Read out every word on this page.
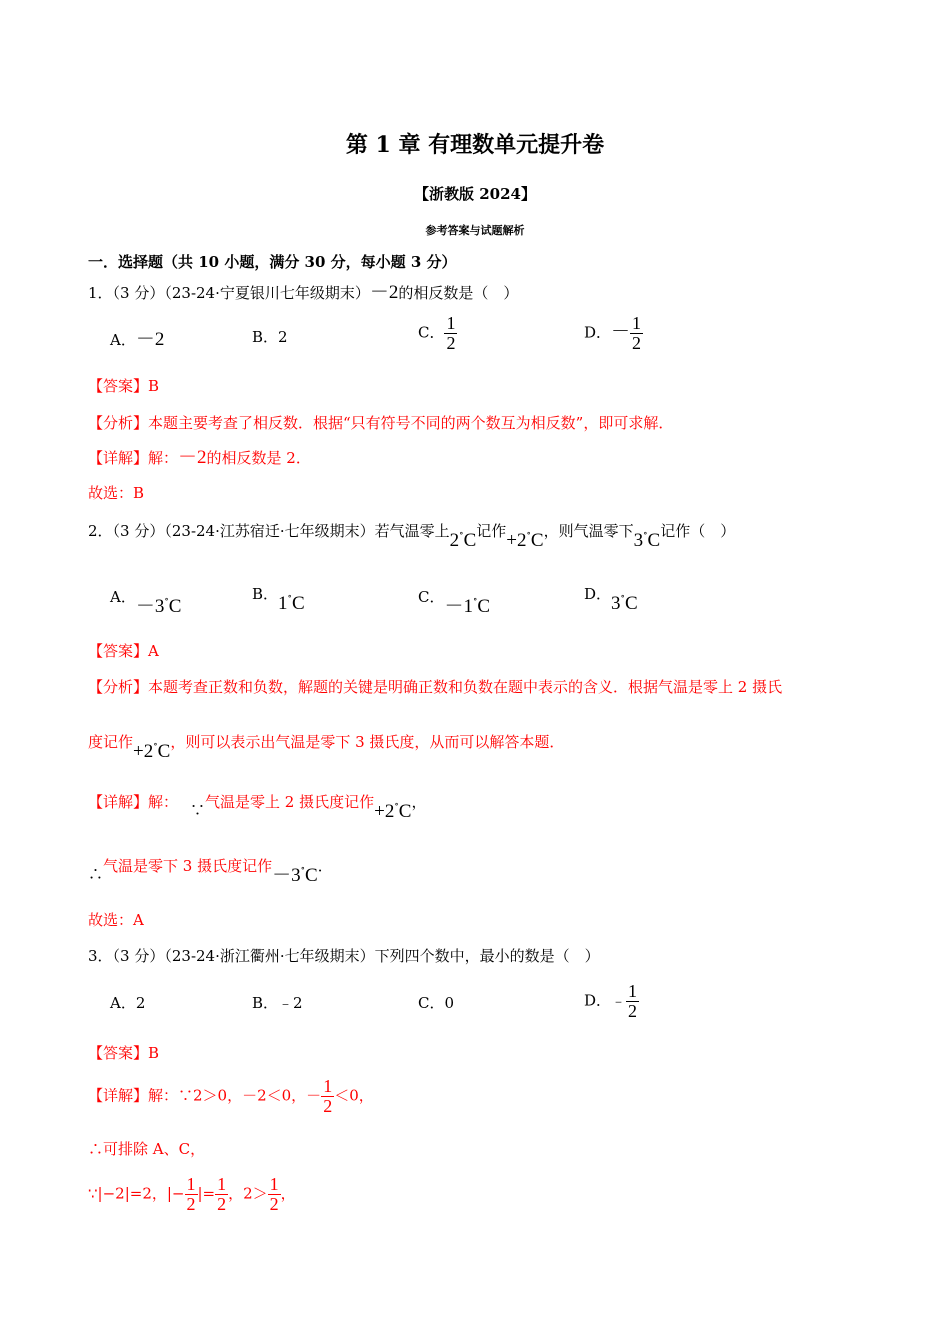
第 1 章 有理数单元提升卷
【浙教版 2024】
参考答案与试题解析
一．选择题（共 10 小题，满分 30 分，每小题 3 分）
1．（3 分）（23-24·宁夏银川七年级期末）－2的相反数是（　）
A．－2	B．2	C． $\frac{1}{2}$	D．－ $\frac{1}{2}$
【答案】B
【分析】本题主要考查了相反数．根据“只有符号不同的两个数互为相反数”，即可求解．
【详解】解：－2的相反数是 2．
故选：B
2．（3 分）（23-24·江苏宿迁·七年级期末）若气温零上2∘C记作+2∘C，则气温零下3∘C记作（　）
A．－3∘C
B．1∘C	C．－1∘C
D．3∘C
【答案】A
【分析】本题考查正数和负数，解题的关键是明确正数和负数在题中表示的含义．根据气温是零上 2 摄氏
度记作+2∘C，则可以表示出气温是零下 3 摄氏度，从而可以解答本题．
【详解】解： ∵气温是零上 2 摄氏度记作+2∘C，
∴气温是零下 3 摄氏度记作－3∘C．
故选：A
3．（3 分）（23-24·浙江衢州·七年级期末）下列四个数中，最小的数是（　）
A．2	B．﹣2	C．0	D．﹣ $\frac{1}{2}$
【答案】B
【详解】解：∵2＞0，－2＜0，－ $\frac{1}{2} <0$，
∴可排除 A、C，
∵|−2|=2，|− $\frac{1}{2}$ |= $\frac{1}{2}$ ，$2> \frac{1}{2}$ ，
